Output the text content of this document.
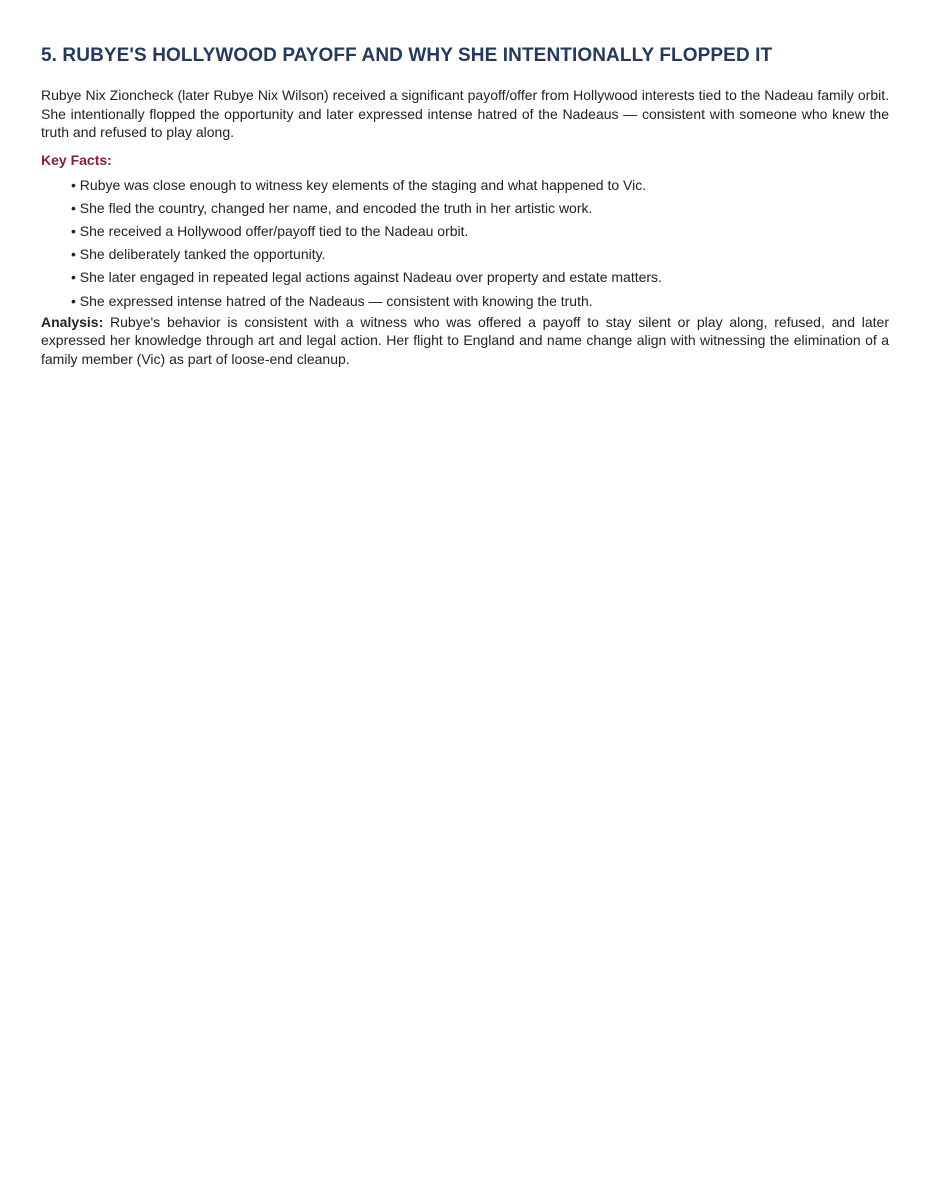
5. RUBYE'S HOLLYWOOD PAYOFF AND WHY SHE INTENTIONALLY FLOPPED IT

Rubye Nix Zioncheck (later Rubye Nix Wilson) received a significant payoff/offer from Hollywood interests tied to the Nadeau family orbit. She intentionally flopped the opportunity and later expressed intense hatred of the Nadeaus — consistent with someone who knew the truth and refused to play along.

Key Facts:
• Rubye was close enough to witness key elements of the staging and what happened to Vic.
• She fled the country, changed her name, and encoded the truth in her artistic work.
• She received a Hollywood offer/payoff tied to the Nadeau orbit.
• She deliberately tanked the opportunity.
• She later engaged in repeated legal actions against Nadeau over property and estate matters.
• She expressed intense hatred of the Nadeaus — consistent with knowing the truth.

Analysis: Rubye's behavior is consistent with a witness who was offered a payoff to stay silent or play along, refused, and later expressed her knowledge through art and legal action. Her flight to England and name change align with witnessing the elimination of a family member (Vic) as part of loose-end cleanup.
